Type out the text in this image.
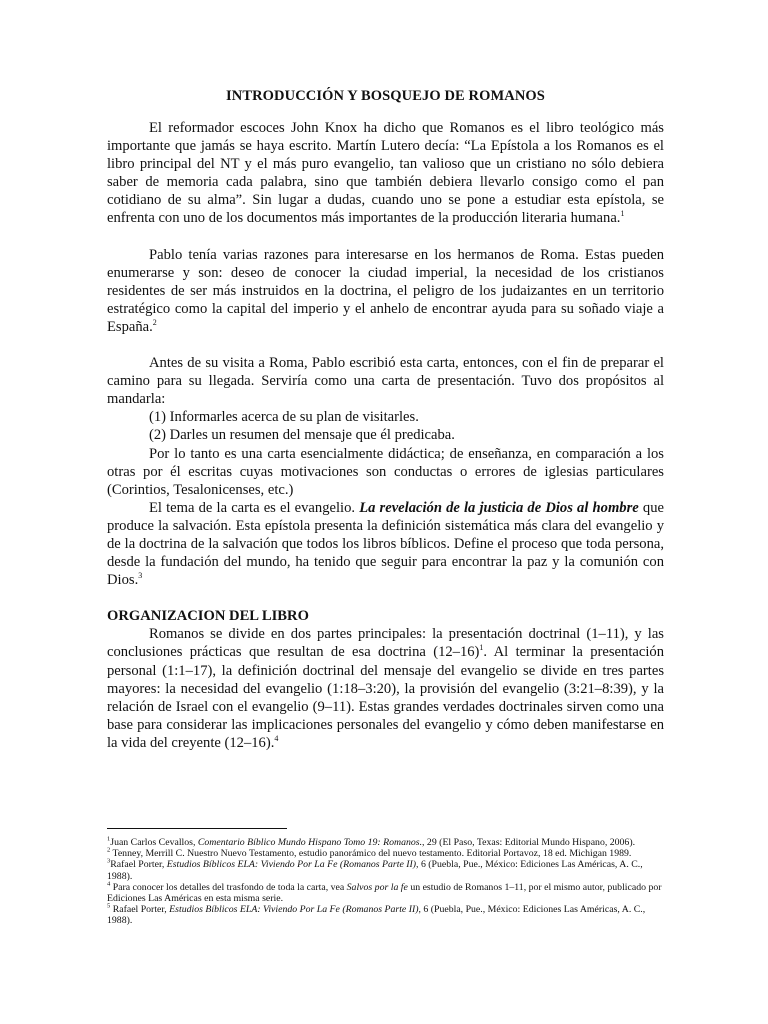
INTRODUCCIÓN Y BOSQUEJO DE ROMANOS

El reformador escoces John Knox ha dicho que Romanos es el libro teológico más importante que jamás se haya escrito. Martín Lutero decía: “La Epístola a los Romanos es el libro principal del NT y el más puro evangelio, tan valioso que un cristiano no sólo debiera saber de memoria cada palabra, sino que también debiera llevarlo consigo como el pan cotidiano de su alma”. Sin lugar a dudas, cuando uno se pone a estudiar esta epístola, se enfrenta con uno de los documentos más importantes de la producción literaria humana.$^1$

Pablo tenía varias razones para interesarse en los hermanos de Roma. Estas pueden enumerarse y son: deseo de conocer la ciudad imperial, la necesidad de los cristianos residentes de ser más instruidos en la doctrina, el peligro de los judaizantes en un territorio estratégico como la capital del imperio y el anhelo de encontrar ayuda para su soñado viaje a España.$^2$

Antes de su visita a Roma, Pablo escribió esta carta, entonces, con el fin de preparar el camino para su llegada. Serviría como una carta de presentación. Tuvo dos propósitos al mandarla:

(1) Informarles acerca de su plan de visitarles.

(2) Darles un resumen del mensaje que él predicaba.

Por lo tanto es una carta esencialmente didáctica; de enseñanza, en comparación a los otras por él escritas cuyas motivaciones son conductas o errores de iglesias particulares (Corintios, Tesalonicenses, etc.)

El tema de la carta es el evangelio. La revelación de la justicia de Dios al hombre que produce la salvación. Esta epístola presenta la definición sistemática más clara del evangelio y de la doctrina de la salvación que todos los libros bíblicos. Define el proceso que toda persona, desde la fundación del mundo, ha tenido que seguir para encontrar la paz y la comunión con Dios.$^3$

ORGANIZACION DEL LIBRO

Romanos se divide en dos partes principales: la presentación doctrinal (1–11), y las conclusiones prácticas que resultan de esa doctrina $(12-16)^1$. Al terminar la presentación personal (1:1–17), la definición doctrinal del mensaje del evangelio se divide en tres partes mayores: la necesidad del evangelio (1:18–3:20), la provisión del evangelio (3:21–8:39), y la relación de Israel con el evangelio (9–11). Estas grandes verdades doctrinales sirven como una base para considerar las implicaciones personales del evangelio y cómo deben manifestarse en la vida del creyente (12–16).$^4$

$^1$Juan Carlos Cevallos, Comentario Bíblico Mundo Hispano Tomo 19: Romanos., 29 (El Paso, Texas: Editorial Mundo Hispano, 2006).

$^2$ Tenney, Merrill C. Nuestro Nuevo Testamento, estudio panorámico del nuevo testamento. Editorial Portavoz, 18 ed. Michigan 1989.

$^3$Rafael Porter, Estudios Bíblicos ELA: Viviendo Por La Fe (Romanos Parte II), 6 (Puebla, Pue., México: Ediciones Las Américas, A. C., 1988).

$^4$ Para conocer los detalles del trasfondo de toda la carta, vea Salvos por la fe un estudio de Romanos 1–11, por el mismo autor, publicado por Ediciones Las Américas en esta misma serie.

$^5$ Rafael Porter, Estudios Bíblicos ELA: Viviendo Por La Fe (Romanos Parte II), 6 (Puebla, Pue., México: Ediciones Las Américas, A. C., 1988).
